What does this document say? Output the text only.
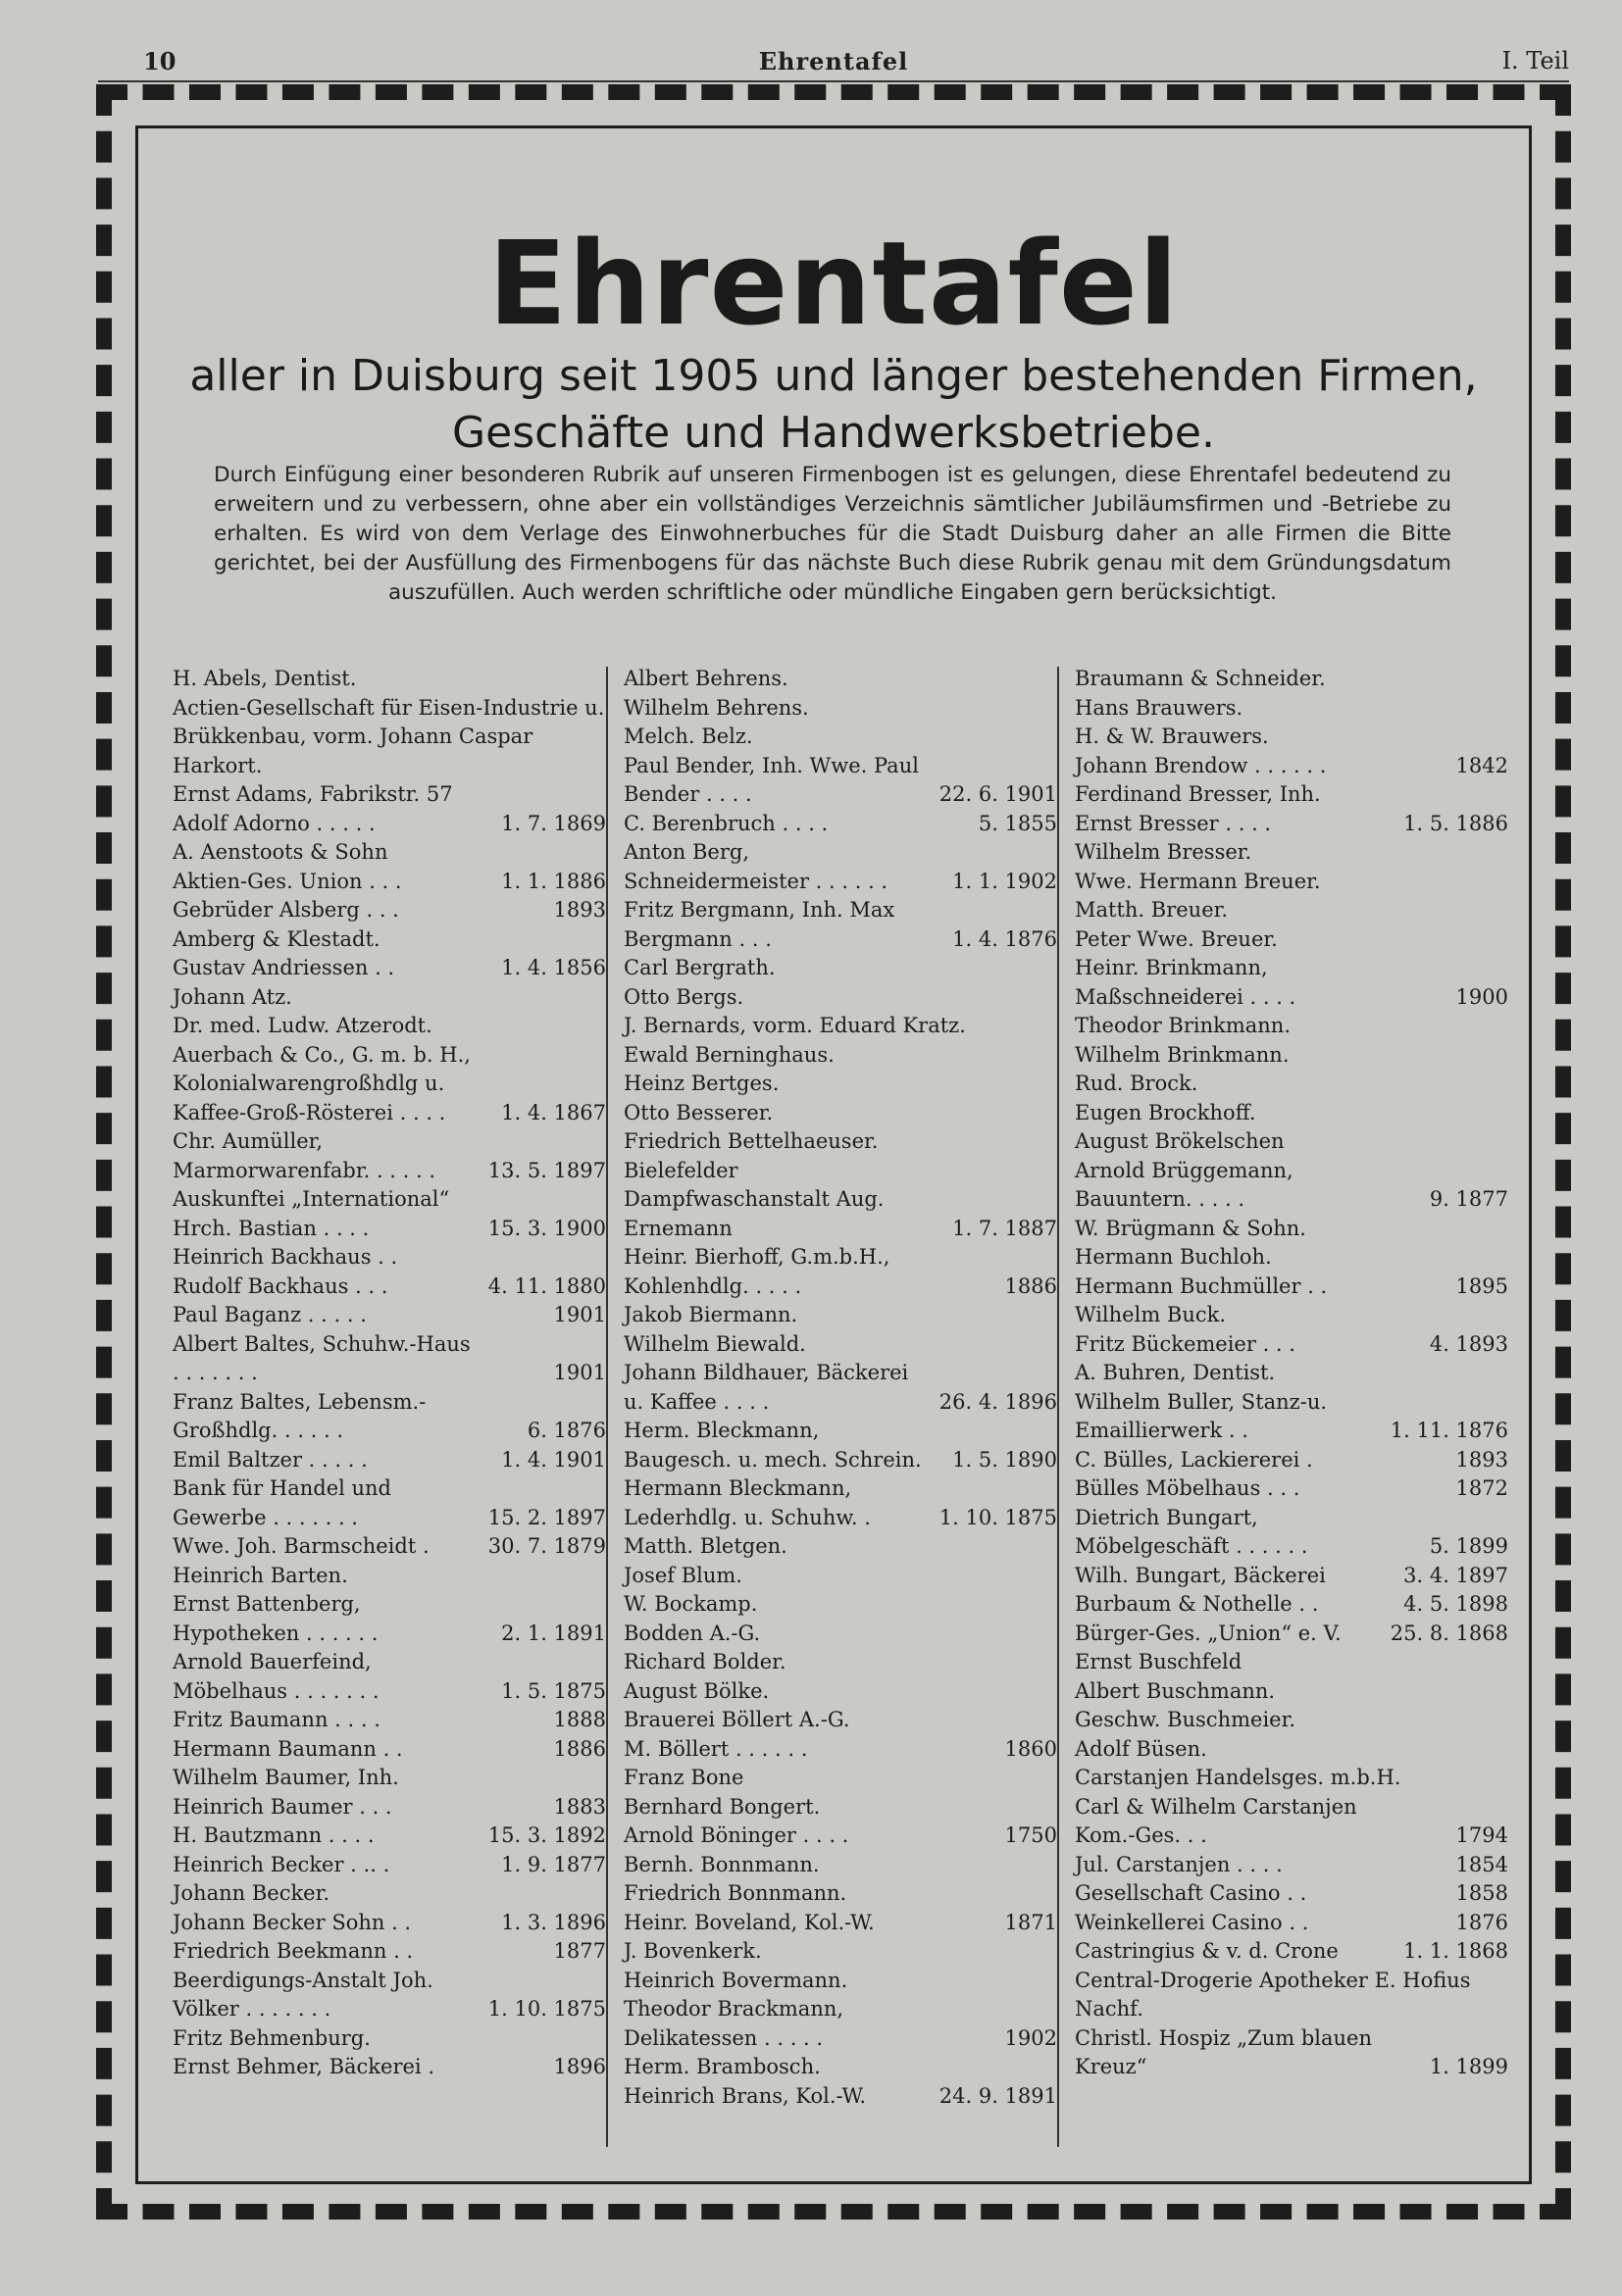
10	Ehrentafel	I. Teil
Ehrentafel
aller in Duisburg seit 1905 und länger bestehenden Firmen, Geschäfte und Handwerksbetriebe.
Durch Einfügung einer besonderen Rubrik auf unseren Firmenbogen ist es gelungen, diese Ehrentafel bedeutend zu erweitern und zu verbessern, ohne aber ein vollständiges Verzeichnis sämtlicher Jubiläumsfirmen und -Betriebe zu erhalten. Es wird von dem Verlage des Einwohnerbuches für die Stadt Duisburg daher an alle Firmen die Bitte gerichtet, bei der Ausfüllung des Firmenbogens für das nächste Buch diese Rubrik genau mit dem Gründungsdatum auszufüllen. Auch werden schriftliche oder mündliche Eingaben gern berücksichtigt.
H. Abels, Dentist.
Actien-Gesellschaft für Eisen-Industrie u. Brükkenbau, vorm. Johann Caspar Harkort.
Ernst Adams, Fabrikstr. 57
Adolf Adorno . . . . .	1. 7. 1869
A. Aenstoots & Sohn
Aktien-Ges. Union . . .	1. 1. 1886
Gebrüder Alsberg . . .	1893
Amberg & Klestadt.
Gustav Andriessen . .	1. 4. 1856
Johann Atz.
Dr. med. Ludw. Atzerodt.
Auerbach & Co., G. m. b. H., Kolonialwarengroßhdlg u. Kaffee-Groß-Rösterei . . . .	1. 4. 1867
Chr. Aumüller, Marmorwarenfabr. . . . . .	13. 5. 1897
Auskunftei „International“ Hrch. Bastian . . . .	15. 3. 1900
Heinrich Backhaus . .
Rudolf Backhaus . . .	4. 11. 1880
Paul Baganz . . . . .	1901
Albert Baltes, Schuhw.-Haus . . . . . . .	1901
Franz Baltes, Lebensm.-Großhdlg. . . . . .	6. 1876
Emil Baltzer . . . . .	1. 4. 1901
Bank für Handel und Gewerbe . . . . . . .	15. 2. 1897
Wwe. Joh. Barmscheidt .	30. 7. 1879
Heinrich Barten.
Ernst Battenberg, Hypotheken . . . . . .	2. 1. 1891
Arnold Bauerfeind, Möbelhaus . . . . . . .	1. 5. 1875
Fritz Baumann . . . .	1888
Hermann Baumann . .	1886
Wilhelm Baumer, Inh. Heinrich Baumer . . .	1883
H. Bautzmann . . . .	15. 3. 1892
Heinrich Becker . .. .	1. 9. 1877
Johann Becker.
Johann Becker Sohn . .	1. 3. 1896
Friedrich Beekmann . .	1877
Beerdigungs-Anstalt Joh. Völker . . . . . . .	1. 10. 1875
Fritz Behmenburg.
Ernst Behmer, Bäckerei .	1896
Albert Behrens.
Wilhelm Behrens.
Melch. Belz.
Paul Bender, Inh. Wwe. Paul Bender . . . .	22. 6. 1901
C. Berenbruch . . . .	5. 1855
Anton Berg, Schneidermeister . . . . . .	1. 1. 1902
Fritz Bergmann, Inh. Max Bergmann . . .	1. 4. 1876
Carl Bergrath.
Otto Bergs.
J. Bernards, vorm. Eduard Kratz.
Ewald Berninghaus.
Heinz Bertges.
Otto Besserer.
Friedrich Bettelhaeuser.
Bielefelder Dampfwaschanstalt Aug. Ernemann	1. 7. 1887
Heinr. Bierhoff, G.m.b.H., Kohlenhdlg. . . . .	1886
Jakob Biermann.
Wilhelm Biewald.
Johann Bildhauer, Bäckerei u. Kaffee . . . .	26. 4. 1896
Herm. Bleckmann, Baugesch. u. mech. Schrein. 1. 5. 1890
Hermann Bleckmann, Lederhdlg. u. Schuhw. .	1. 10. 1875
Matth. Bletgen.
Josef Blum.
W. Bockamp.
Bodden A.-G.
Richard Bolder.
August Bölke.
Brauerei Böllert A.-G.
M. Böllert . . . . . .	1860
Franz Bone
Bernhard Bongert.
Arnold Böninger . . . .	1750
Bernh. Bonnmann.
Friedrich Bonnmann.
Heinr. Boveland, Kol.-W.	1871
J. Bovenkerk.
Heinrich Bovermann.
Theodor Brackmann, Delikatessen . . . . .	1902
Herm. Brambosch.
Heinrich Brans, Kol.-W.	24. 9. 1891
Braumann & Schneider.
Hans Brauwers.
H. & W. Brauwers.
Johann Brendow . . . . . .	1842
Ferdinand Bresser, Inh. Ernst Bresser . . . .	1. 5. 1886
Wilhelm Bresser.
Wwe. Hermann Breuer.
Matth. Breuer.
Peter Wwe. Breuer.
Heinr. Brinkmann, Maßschneiderei . . . .	1900
Theodor Brinkmann.
Wilhelm Brinkmann.
Rud. Brock.
Eugen Brockhoff.
August Brökelschen
Arnold Brüggemann, Bauuntern. . . . .	9. 1877
W. Brügmann & Sohn.
Hermann Buchloh.
Hermann Buchmüller . .	1895
Wilhelm Buck.
Fritz Bückemeier . . .	4. 1893
A. Buhren, Dentist.
Wilhelm Buller, Stanz-u. Emaillierwerk . .	1. 11. 1876
C. Bülles, Lackiererei .	1893
Bülles Möbelhaus . . .	1872
Dietrich Bungart, Möbelgeschäft . . . . . .	5. 1899
Wilh. Bungart, Bäckerei	3. 4. 1897
Burbaum & Nothelle . .	4. 5. 1898
Bürger-Ges. „Union“ e. V. 25. 8. 1868
Ernst Buschfeld
Albert Buschmann.
Geschw. Buschmeier.
Adolf Büsen.
Carstanjen Handelsges. m.b.H.
Carl & Wilhelm Carstanjen Kom.-Ges. . .	1794
Jul. Carstanjen . . . .	1854
Gesellschaft Casino . .	1858
Weinkellerei Casino . .	1876
Castringius & v. d. Crone	1. 1. 1868
Central-Drogerie Apotheker E. Hofius Nachf.
Christl. Hospiz „Zum blauen Kreuz“	1. 1899
